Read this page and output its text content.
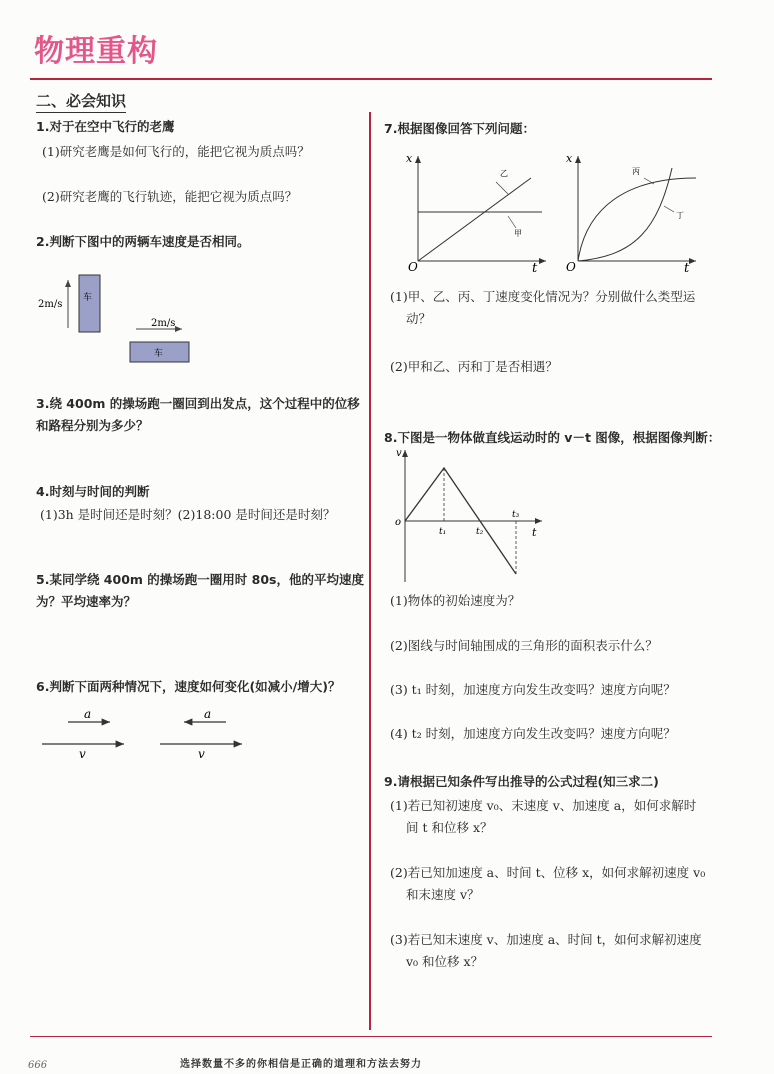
物理重构
二、必会知识
1.对于在空中飞行的老鹰
(1)研究老鹰是如何飞行的，能把它视为质点吗？
(2)研究老鹰的飞行轨迹，能把它视为质点吗？
2.判断下图中的两辆车速度是否相同。
2m/s
车
2m/s
车
3.绕 400m 的操场跑一圈回到出发点，这个过程中的位移
和路程分别为多少？
4.时刻与时间的判断
(1)3h 是时间还是时刻？(2)18:00 是时间还是时刻？
5.某同学绕 400m 的操场跑一圈用时 80s，他的平均速度
为？平均速率为？
6.判断下面两种情况下，速度如何变化(如减小/增大)？
a
v
a
v
7.根据图像回答下列问题：
x
t
O
乙
甲
x
t
O
丙
丁
(1)甲、乙、丙、丁速度变化情况为？分别做什么类型运
动？
(2)甲和乙、丙和丁是否相遇？
8.下图是一物体做直线运动时的 v－t 图像，根据图像判断：
v
t
o
t₁	t₂
t₃
(1)物体的初始速度为？
(2)图线与时间轴围成的三角形的面积表示什么？
(3) t₁ 时刻，加速度方向发生改变吗？速度方向呢？
(4) t₂ 时刻，加速度方向发生改变吗？速度方向呢？
9.请根据已知条件写出推导的公式过程(知三求二)
(1)若已知初速度 v₀、末速度 v、加速度 a，如何求解时
间 t 和位移 x？
(2)若已知加速度 a、时间 t、位移 x，如何求解初速度 v₀
和末速度 v？
(3)若已知末速度 v、加速度 a、时间 t，如何求解初速度
v₀ 和位移 x？
选择数量不多的你相信是正确的道理和方法去努力
666
